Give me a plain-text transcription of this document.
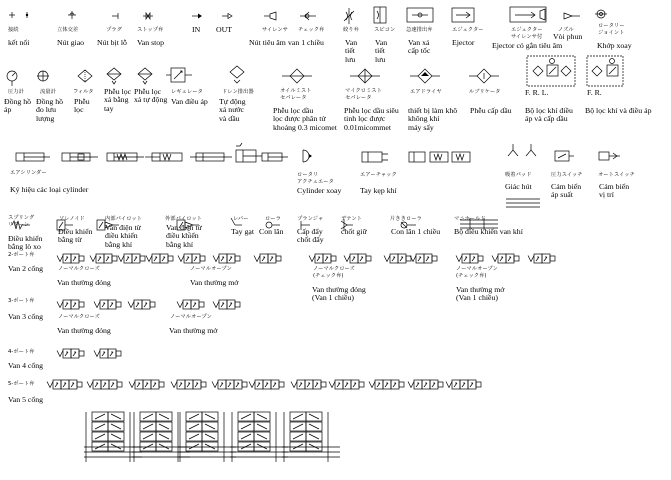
接続
kết nối
立体交差
Nút giao
プラグ
Nút bịt lỗ
ストップ弁
Van stop
IN OUT	サイレンサ
Nút tiêu âm
チェック弁
van 1 chiều
絞り弁
Van
tiết
lưu
スピコン
Van
tiết
lưu
急速排出弁
Van xả
cấp tốc
エジェクター
Ejector
エジェクター
サイレンサ付
Ejector có gắn tiêu âm
ノズル
Vòi phun
ロータリー
ジョイント
Khớp xoay
圧力計
Đồng hồ
áp
流量計
Đồng hồ
đo lưu
lượng
フィルタ
Phễu
lọc
Phễu lọc
xả bằng
tay
Phễu lọc
xả tự động
レギュレータ
Van điều áp
ドレン排出器
Tự động
xả nước
và dầu
オイルミスト
セパレータ
Phễu lọc dầu
lọc được phân tử
khoảng 0.3 micomet
マイクロミスト
セパレータ
Phễu lọc dầu siêu
tinh lọc được
0.01micommet
エアドライヤ
thiết bị làm khô
không khí
máy sấy
ルブリケータ
Phễu cấp dầu
F. R. L.
Bộ lọc khí điều
áp và cấp dầu
F. R.
Bộ lọc khí và điều áp
エアシリンダー
Ký hiệu các loại cylinder
ロータリ
アクチュエータ
Cylinder xoay
エアーチャック
Tay kẹp khí
吸着パッド
Giác hút
圧力スイッチ
Cảm biến
áp suất
オートスイッチ
Cảm biến
vị trí
スプリング
リターン
Điều khiển
bằng lò xo
ソレノイド
Điều khiển
bằng từ
内部パイロット
Van điện từ
điều khiển
bằng khí
外部パイロット
Van điện từ
điều khiển
bằng khí
レバー
Tay gạt
ローラ
Con lăn
プランジャ
Cấp đẩy
chốt đẩy
デテント
chốt giữ
片ききローラ
Con lăn 1 chiều
マニホールド
Bộ điều khiển van khí
2-ポート弁
Van 2 cổng
3-ポート弁
Van 3 cổng
4-ポート弁
Van 4 cổng
5-ポート弁
Van 5 cổng
ノーマルクローズ
Van thường đóng
ノーマルオープン
Van thường mở
ノーマルクローズ
(チェック弁)
Van thường đóng
(Van 1 chiều)
ノーマルオープン
(チェック弁)
Van thường mở
(Van 1 chiều)
ノーマルクローズ
Van thường đóng
ノーマルオープン
Van thường mở
